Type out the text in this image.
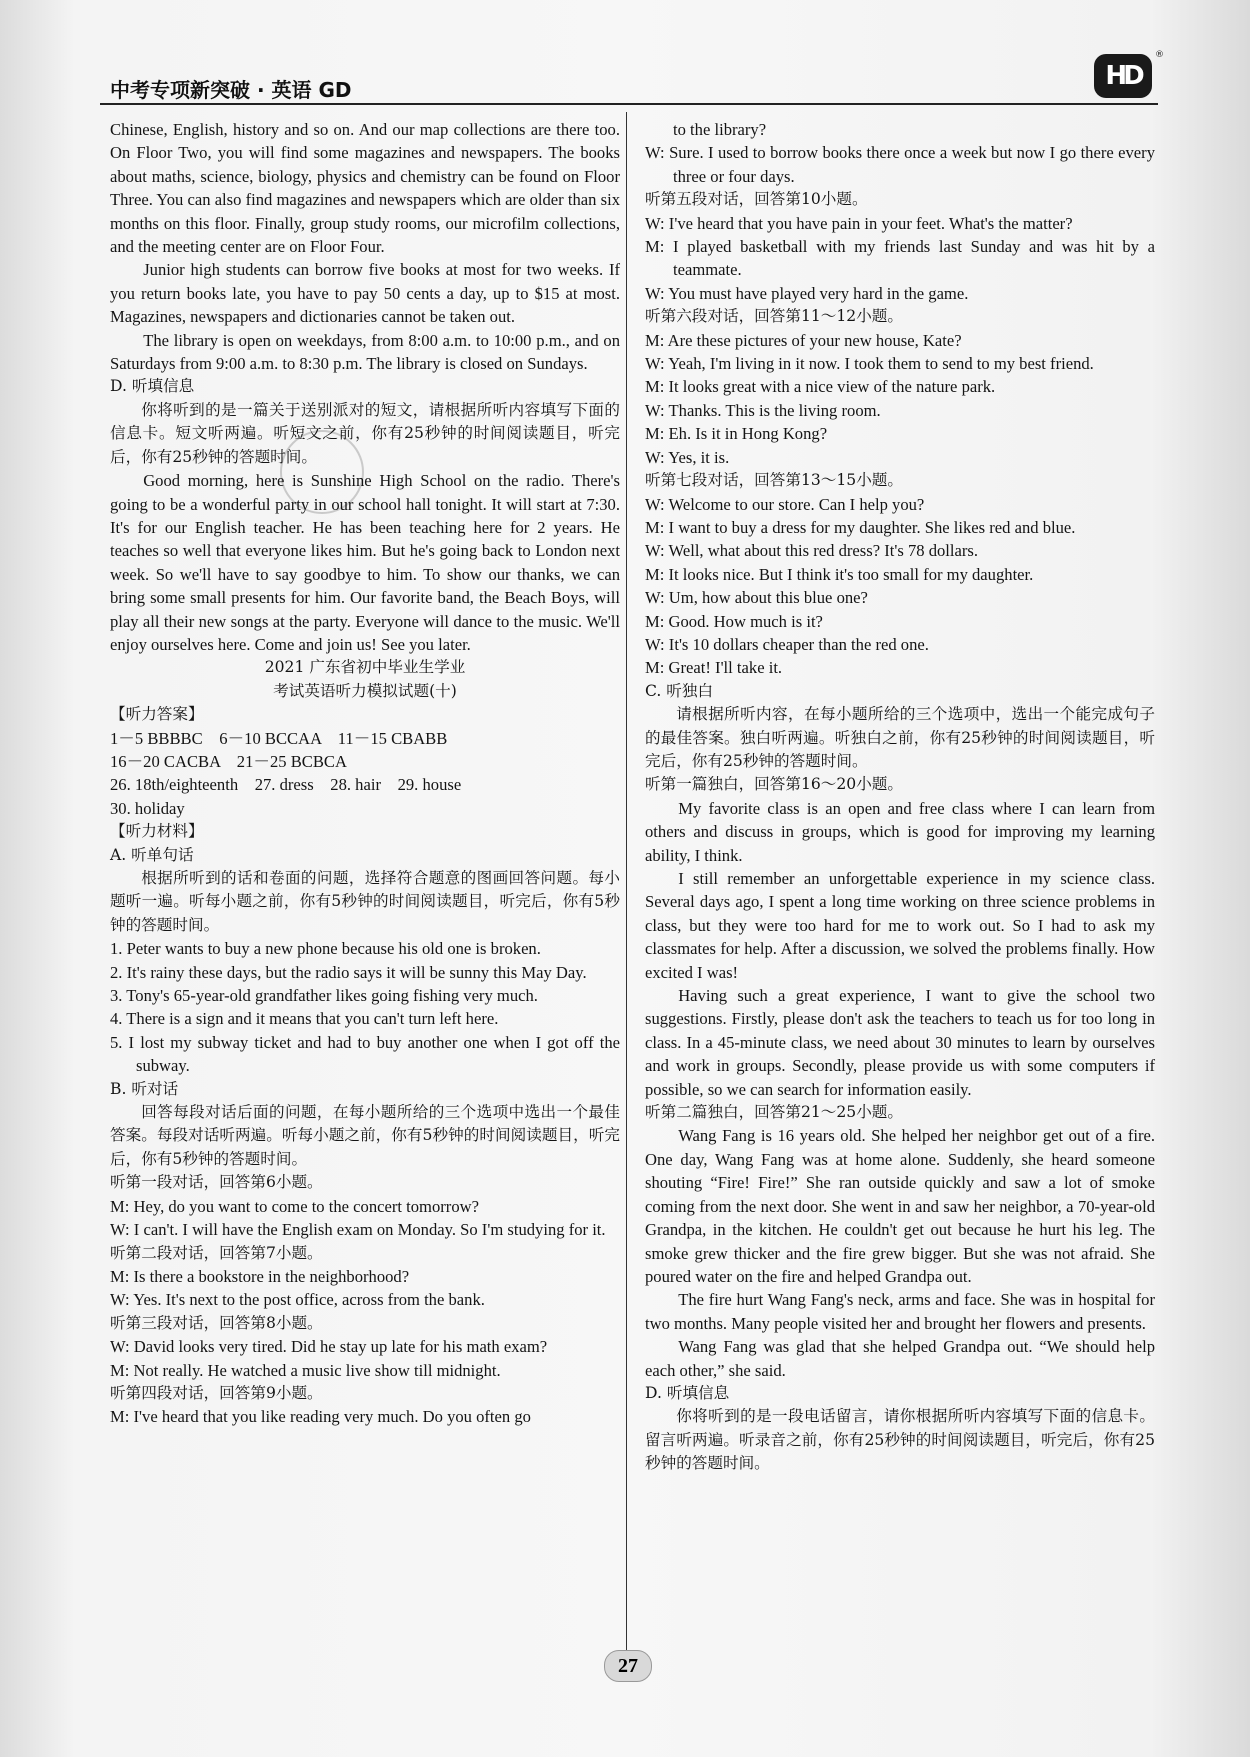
中考专项新突破 · 英语 GD	HD
®

Chinese, English, history and so on. And our map collections are there too. On Floor Two, you will find some magazines and newspapers. The books about maths, science, biology, physics and chemistry can be found on Floor Three. You can also find magazines and newspapers which are older than six months on this floor. Finally, group study rooms, our microfilm collections, and the meeting center are on Floor Four.

Junior high students can borrow five books at most for two weeks. If you return books late, you have to pay 50 cents a day, up to $15 at most. Magazines, newspapers and dictionaries cannot be taken out.

The library is open on weekdays, from 8:00 a.m. to 10:00 p.m., and on Saturdays from 9:00 a.m. to 8:30 p.m. The library is closed on Sundays.

D. 听填信息

你将听到的是一篇关于送别派对的短文，请根据所听内容填写下面的信息卡。短文听两遍。听短文之前，你有25秒钟的时间阅读题目，听完后，你有25秒钟的答题时间。

Good morning, here is Sunshine High School on the radio. There's going to be a wonderful party in our school hall tonight. It will start at 7:30. It's for our English teacher. He has been teaching here for 2 years. He teaches so well that everyone likes him. But he's going back to London next week. So we'll have to say goodbye to him. To show our thanks, we can bring some small presents for him. Our favorite band, the Beach Boys, will play all their new songs at the party. Everyone will dance to the music. We'll enjoy ourselves here. Come and join us! See you later.

2021 广东省初中毕业生学业

考试英语听力模拟试题(十)

【听力答案】

1－5 BBBBC　6－10 BCCAA　11－15 CBABB

16－20 CACBA　21－25 BCBCA

26. 18th/eighteenth　27. dress　28. hair　29. house

30. holiday

【听力材料】

A. 听单句话

根据所听到的话和卷面的问题，选择符合题意的图画回答问题。每小题听一遍。听每小题之前，你有5秒钟的时间阅读题目，听完后，你有5秒钟的答题时间。

1. Peter wants to buy a new phone because his old one is broken.

2. It's rainy these days, but the radio says it will be sunny this May Day.

3. Tony's 65-year-old grandfather likes going fishing very much.

4. There is a sign and it means that you can't turn left here.

5. I lost my subway ticket and had to buy another one when I got off the subway.

B. 听对话

回答每段对话后面的问题，在每小题所给的三个选项中选出一个最佳答案。每段对话听两遍。听每小题之前，你有5秒钟的时间阅读题目，听完后，你有5秒钟的答题时间。

听第一段对话，回答第6小题。

M: Hey, do you want to come to the concert tomorrow?

W: I can't. I will have the English exam on Monday. So I'm studying for it.

听第二段对话，回答第7小题。

M: Is there a bookstore in the neighborhood?

W: Yes. It's next to the post office, across from the bank.

听第三段对话，回答第8小题。

W: David looks very tired. Did he stay up late for his math exam?

M: Not really. He watched a music live show till midnight.

听第四段对话，回答第9小题。

M: I've heard that you like reading very much. Do you often go

to the library?

W: Sure. I used to borrow books there once a week but now I go there every three or four days.

听第五段对话，回答第10小题。

W: I've heard that you have pain in your feet. What's the matter?

M: I played basketball with my friends last Sunday and was hit by a teammate.

W: You must have played very hard in the game.

听第六段对话，回答第11～12小题。

M: Are these pictures of your new house, Kate?

W: Yeah, I'm living in it now. I took them to send to my best friend.

M: It looks great with a nice view of the nature park.

W: Thanks. This is the living room.

M: Eh. Is it in Hong Kong?

W: Yes, it is.

听第七段对话，回答第13～15小题。

W: Welcome to our store. Can I help you?

M: I want to buy a dress for my daughter. She likes red and blue.

W: Well, what about this red dress? It's 78 dollars.

M: It looks nice. But I think it's too small for my daughter.

W: Um, how about this blue one?

M: Good. How much is it?

W: It's 10 dollars cheaper than the red one.

M: Great! I'll take it.

C. 听独白

请根据所听内容，在每小题所给的三个选项中，选出一个能完成句子的最佳答案。独白听两遍。听独白之前，你有25秒钟的时间阅读题目，听完后，你有25秒钟的答题时间。

听第一篇独白，回答第16～20小题。

My favorite class is an open and free class where I can learn from others and discuss in groups, which is good for improving my learning ability, I think.

I still remember an unforgettable experience in my science class. Several days ago, I spent a long time working on three science problems in class, but they were too hard for me to work out. So I had to ask my classmates for help. After a discussion, we solved the problems finally. How excited I was!

Having such a great experience, I want to give the school two suggestions. Firstly, please don't ask the teachers to teach us for too long in class. In a 45-minute class, we need about 30 minutes to learn by ourselves and work in groups. Secondly, please provide us with some computers if possible, so we can search for information easily.

听第二篇独白，回答第21～25小题。

Wang Fang is 16 years old. She helped her neighbor get out of a fire. One day, Wang Fang was at home alone. Suddenly, she heard someone shouting “Fire! Fire!” She ran outside quickly and saw a lot of smoke coming from the next door. She went in and saw her neighbor, a 70-year-old Grandpa, in the kitchen. He couldn't get out because he hurt his leg. The smoke grew thicker and the fire grew bigger. But she was not afraid. She poured water on the fire and helped Grandpa out.

The fire hurt Wang Fang's neck, arms and face. She was in hospital for two months. Many people visited her and brought her flowers and presents.

Wang Fang was glad that she helped Grandpa out. “We should help each other,” she said.

D. 听填信息

你将听到的是一段电话留言，请你根据所听内容填写下面的信息卡。留言听两遍。听录音之前，你有25秒钟的时间阅读题目，听完后，你有25秒钟的答题时间。

27
